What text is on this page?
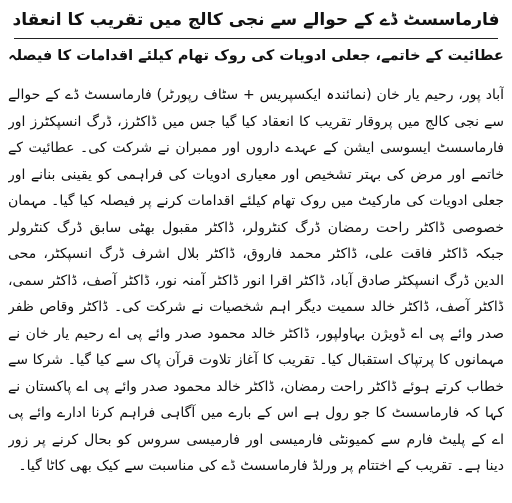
فارماسسٹ ڈے کے حوالے سے نجی کالج میں تقریب کا انعقاد
عطائیت کے خاتمے، جعلی ادویات کی روک تھام کیلئے اقدامات کا فیصلہ
آباد پور، رحیم یار خان (نمائندہ ایکسپریس + سٹاف رپورٹر) فارماسسٹ ڈے کے حوالے سے نجی کالج میں پروقار تقریب کا انعقاد کیا گیا جس میں ڈاکٹرز، ڈرگ انسپکٹرز اور فارماسسٹ ایسوسی ایشن کے عہدے داروں اور ممبران نے شرکت کی۔ عطائیت کے خاتمے اور مرض کی بہتر تشخیص اور معیاری ادویات کی فراہمی کو یقینی بنانے اور جعلی ادویات کی مارکیٹ میں روک تھام کیلئے اقدامات کرنے پر فیصلہ کیا گیا۔ مہمان خصوصی ڈاکٹر راحت رمضان ڈرگ کنٹرولر، ڈاکٹر مقبول بھٹی سابق ڈرگ کنٹرولر جبکہ ڈاکٹر فاقت علی، ڈاکٹر محمد فاروق، ڈاکٹر بلال اشرف ڈرگ انسپکٹر، محی الدین ڈرگ انسپکٹر صادق آباد، ڈاکٹر اقرا انور ڈاکٹر آمنہ نور، ڈاکٹر آصف، ڈاکٹر سمی، ڈاکٹر آصف، ڈاکٹر خالد سمیت دیگر اہم شخصیات نے شرکت کی۔ ڈاکٹر وقاص ظفر صدر وائے پی اے ڈویژن بہاولپور، ڈاکٹر خالد محمود صدر وائے پی اے رحیم یار خان نے مہمانوں کا پرتپاک استقبال کیا۔ تقریب کا آغاز تلاوت قرآن پاک سے کیا گیا۔ شرکا سے خطاب کرتے ہوئے ڈاکٹر راحت رمضان، ڈاکٹر خالد محمود صدر وائے پی اے پاکستان نے کہا کہ فارماسسٹ کا جو رول ہے اس کے بارے میں آگاہی فراہم کرنا ادارے وائے پی اے کے پلیٹ فارم سے کمیونٹی فارمیسی اور فارمیسی سروس کو بحال کرنے پر زور دینا ہے۔ تقریب کے اختتام پر ورلڈ فارماسسٹ ڈے کی مناسبت سے کیک بھی کاٹا گیا۔
